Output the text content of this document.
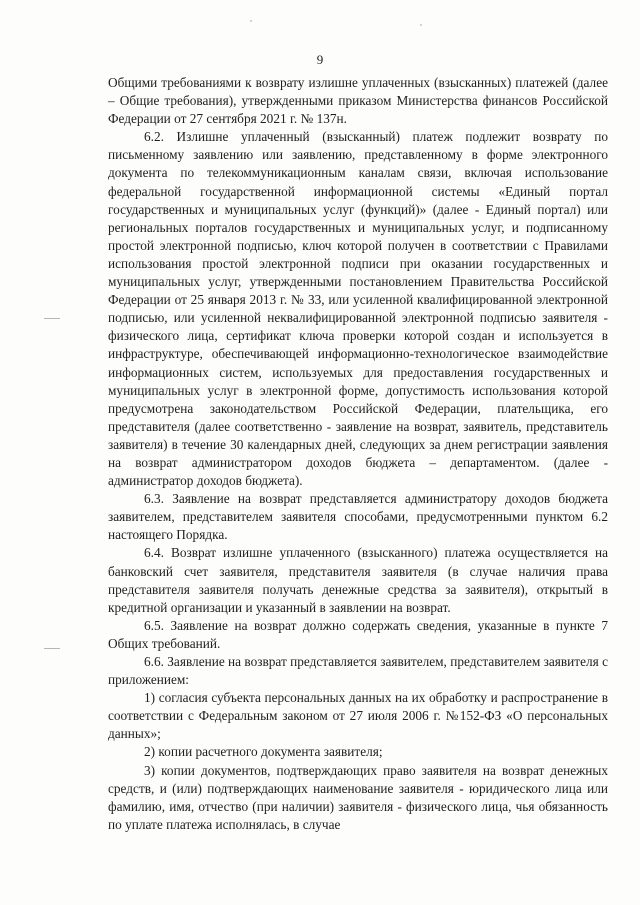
9

Общими требованиями к возврату излишне уплаченных (взысканных) платежей (далее – Общие требования), утвержденными приказом Министерства финансов Российской Федерации от 27 сентября 2021 г. № 137н.

6.2. Излишне уплаченный (взысканный) платеж подлежит возврату по письменному заявлению или заявлению, представленному в форме электронного документа по телекоммуникационным каналам связи, включая использование федеральной государственной информационной системы «Единый портал государственных и муниципальных услуг (функций)» (далее - Единый портал) или региональных порталов государственных и муниципальных услуг, и подписанному простой электронной подписью, ключ которой получен в соответствии с Правилами использования простой электронной подписи при оказании государственных и муниципальных услуг, утвержденными постановлением Правительства Российской Федерации от 25 января 2013 г. № 33, или усиленной квалифицированной электронной подписью, или усиленной неквалифицированной электронной подписью заявителя - физического лица, сертификат ключа проверки которой создан и используется в инфраструктуре, обеспечивающей информационно-технологическое взаимодействие информационных систем, используемых для предоставления государственных и муниципальных услуг в электронной форме, допустимость использования которой предусмотрена законодательством Российской Федерации, плательщика, его представителя (далее соответственно - заявление на возврат, заявитель, представитель заявителя) в течение 30 календарных дней, следующих за днем регистрации заявления на возврат администратором доходов бюджета – департаментом. (далее - администратор доходов бюджета).

6.3. Заявление на возврат представляется администратору доходов бюджета заявителем, представителем заявителя способами, предусмотренными пунктом 6.2 настоящего Порядка.

6.4. Возврат излишне уплаченного (взысканного) платежа осуществляется на банковский счет заявителя, представителя заявителя (в случае наличия права представителя заявителя получать денежные средства за заявителя), открытый в кредитной организации и указанный в заявлении на возврат.

6.5. Заявление на возврат должно содержать сведения, указанные в пункте 7 Общих требований.

6.6. Заявление на возврат представляется заявителем, представителем заявителя с приложением:

1) согласия субъекта персональных данных на их обработку и распространение в соответствии с Федеральным законом от 27 июля 2006 г. №152-ФЗ «О персональных данных»;

2) копии расчетного документа заявителя;

3) копии документов, подтверждающих право заявителя на возврат денежных средств, и (или) подтверждающих наименование заявителя - юридического лица или фамилию, имя, отчество (при наличии) заявителя - физического лица, чья обязанность по уплате платежа исполнялась, в случае
